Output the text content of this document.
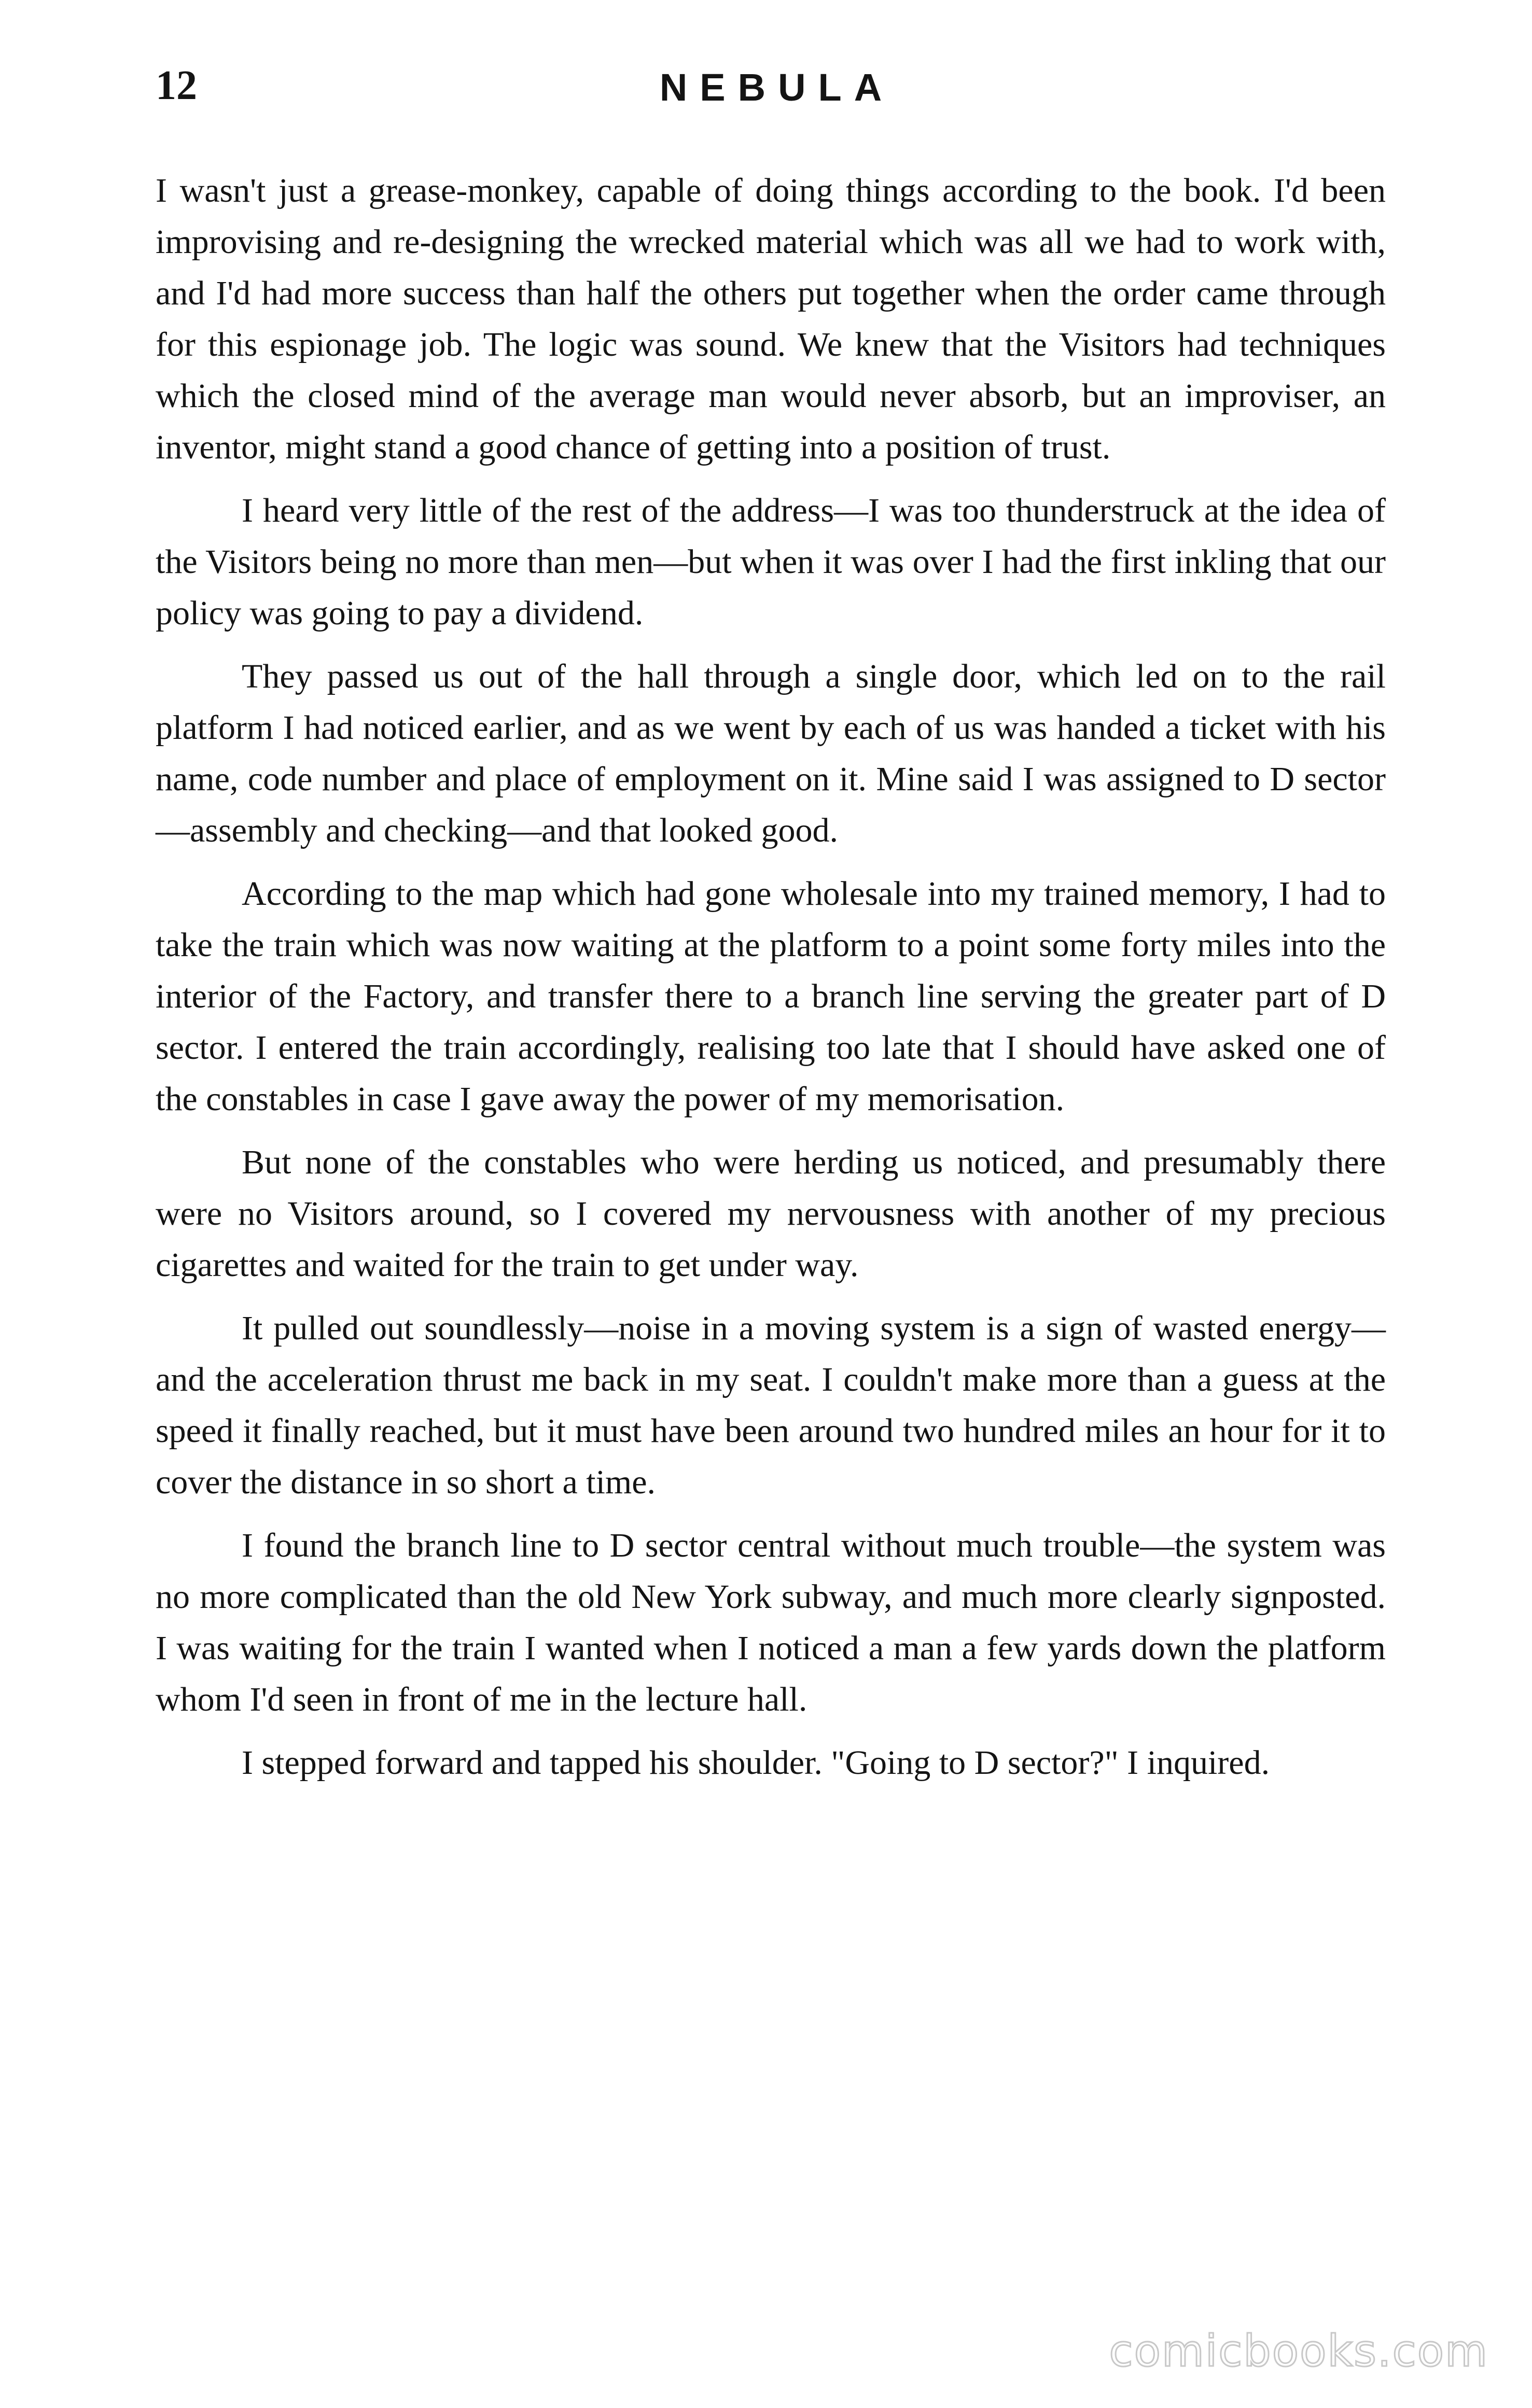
12	NEBULA

I wasn't just a grease-monkey, capable of doing things according to the book. I'd been improvising and re-designing the wrecked material which was all we had to work with, and I'd had more success than half the others put together when the order came through for this espionage job. The logic was sound. We knew that the Visitors had techniques which the closed mind of the average man would never absorb, but an improviser, an inventor, might stand a good chance of getting into a position of trust.

I heard very little of the rest of the address—I was too thunderstruck at the idea of the Visitors being no more than men—but when it was over I had the first inkling that our policy was going to pay a dividend.

They passed us out of the hall through a single door, which led on to the rail platform I had noticed earlier, and as we went by each of us was handed a ticket with his name, code number and place of employment on it. Mine said I was assigned to D sector—assembly and checking—and that looked good.

According to the map which had gone wholesale into my trained memory, I had to take the train which was now waiting at the platform to a point some forty miles into the interior of the Factory, and transfer there to a branch line serving the greater part of D sector. I entered the train accordingly, realising too late that I should have asked one of the constables in case I gave away the power of my memorisation.

But none of the constables who were herding us noticed, and presumably there were no Visitors around, so I covered my nervousness with another of my precious cigarettes and waited for the train to get under way.

It pulled out soundlessly—noise in a moving system is a sign of wasted energy—and the acceleration thrust me back in my seat. I couldn't make more than a guess at the speed it finally reached, but it must have been around two hundred miles an hour for it to cover the distance in so short a time.

I found the branch line to D sector central without much trouble—the system was no more complicated than the old New York subway, and much more clearly signposted. I was waiting for the train I wanted when I noticed a man a few yards down the platform whom I'd seen in front of me in the lecture hall.

I stepped forward and tapped his shoulder. "Going to D sector?" I inquired.

comicbooks.com
